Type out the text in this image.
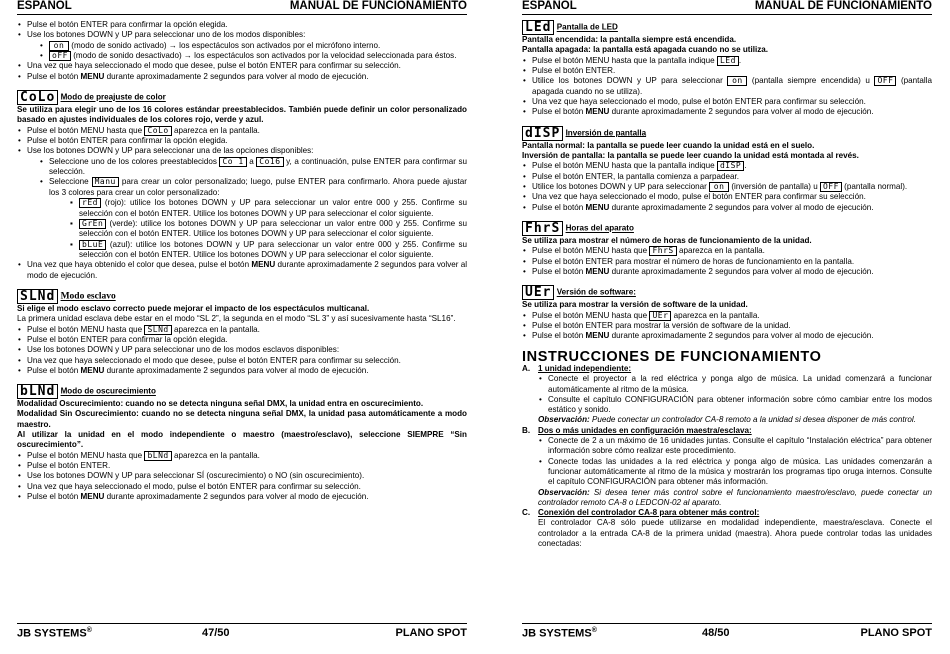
ESPAÑOL	MANUAL DE FUNCIONAMIENTO
• Pulse el botón ENTER para confirmar la opción elegida.
• Use los botones DOWN y UP para seleccionar uno de los modos disponibles:
• on (modo de sonido activado) → los espectáculos son activados por el micrófono interno.
• oFF (modo de sonido desactivado) → los espectáculos son activados por la velocidad seleccionada para éstos.
• Una vez que haya seleccionado el modo que desee, pulse el botón ENTER para confirmar su selección.
• Pulse el botón MENU durante aproximadamente 2 segundos para volver al modo de ejecución.

CoLo Modo de preajuste de color

Se utiliza para elegir uno de los 16 colores estándar preestablecidos. También puede definir un color personalizado basado en ajustes individuales de los colores rojo, verde y azul.

• Pulse el botón MENU hasta que CoLo aparezca en la pantalla.
• Pulse el botón ENTER para confirmar la opción elegida.
• Use los botones DOWN y UP para seleccionar una de las opciones disponibles:
• Seleccione uno de los colores preestablecidos Co 1 a Co16 y, a continuación, pulse ENTER para confirmar su selección.
• Seleccione Manu para crear un color personalizado; luego, pulse ENTER para confirmarlo. Ahora puede ajustar los 3 colores para crear un color personalizado:
▪ rEd (rojo): utilice los botones DOWN y UP para seleccionar un valor entre 000 y 255. Confirme su selección con el botón ENTER. Utilice los botones DOWN y UP para seleccionar el color siguiente.
▪ GrEn (verde): utilice los botones DOWN y UP para seleccionar un valor entre 000 y 255. Confirme su selección con el botón ENTER. Utilice los botones DOWN y UP para seleccionar el color siguiente.
▪ bLuE (azul): utilice los botones DOWN y UP para seleccionar un valor entre 000 y 255. Confirme su selección con el botón ENTER. Utilice los botones DOWN y UP para seleccionar el color siguiente.
• Una vez que haya obtenido el color que desea, pulse el botón MENU durante aproximadamente 2 segundos para volver al modo de ejecución.

SLNd Modo esclavo

Si elige el modo esclavo correcto puede mejorar el impacto de los espectáculos multicanal.

La primera unidad esclava debe estar en el modo “SL 2”, la segunda en el modo “SL 3” y así sucesivamente hasta “SL16”.

• Pulse el botón MENU hasta que SLNd aparezca en la pantalla.
• Pulse el botón ENTER para confirmar la opción elegida.
• Use los botones DOWN y UP para seleccionar uno de los modos esclavos disponibles:
• Una vez que haya seleccionado el modo que desee, pulse el botón ENTER para confirmar su selección.
• Pulse el botón MENU durante aproximadamente 2 segundos para volver al modo de ejecución.

bLNd Modo de oscurecimiento

Modalidad Oscurecimiento: cuando no se detecta ninguna señal DMX, la unidad entra en oscurecimiento.

Modalidad Sin Oscurecimiento: cuando no se detecta ninguna señal DMX, la unidad pasa automáticamente a modo maestro.

Al utilizar la unidad en el modo independiente o maestro (maestro/esclavo), seleccione SIEMPRE “Sin oscurecimiento”.

• Pulse el botón MENU hasta que bLNd aparezca en la pantalla.
• Pulse el botón ENTER.
• Use los botones DOWN y UP para seleccionar SÍ (oscurecimiento) o NO (sin oscurecimiento).
• Una vez que haya seleccionado el modo, pulse el botón ENTER para confirmar su selección.
• Pulse el botón MENU durante aproximadamente 2 segundos para volver al modo de ejecución.
JB SYSTEMS®	47/50	PLANO SPOT
ESPAÑOL	MANUAL DE FUNCIONAMIENTO

LEd Pantalla de LED

Pantalla encendida: la pantalla siempre está encendida.

Pantalla apagada: la pantalla está apagada cuando no se utiliza.

• Pulse el botón MENU hasta que la pantalla indique LEd .
• Pulse el botón ENTER.
• Utilice los botones DOWN y UP para seleccionar on (pantalla siempre encendida) u OFF (pantalla apagada cuando no se utiliza).
• Una vez que haya seleccionado el modo, pulse el botón ENTER para confirmar su selección.
• Pulse el botón MENU durante aproximadamente 2 segundos para volver al modo de ejecución.

dISP Inversión de pantalla

Pantalla normal: la pantalla se puede leer cuando la unidad está en el suelo.

Inversión de pantalla: la pantalla se puede leer cuando la unidad está montada al revés.

• Pulse el botón MENU hasta que la pantalla indique dISP .
• Pulse el botón ENTER, la pantalla comienza a parpadear.
• Utilice los botones DOWN y UP para seleccionar on (inversión de pantalla) u OFF (pantalla normal).
• Una vez que haya seleccionado el modo, pulse el botón ENTER para confirmar su selección.
• Pulse el botón MENU durante aproximadamente 2 segundos para volver al modo de ejecución.

FhrS Horas del aparato

Se utiliza para mostrar el número de horas de funcionamiento de la unidad.

• Pulse el botón MENU hasta que FhrS aparezca en la pantalla.
• Pulse el botón ENTER para mostrar el número de horas de funcionamiento en la pantalla.
• Pulse el botón MENU durante aproximadamente 2 segundos para volver al modo de ejecución.

UEr Versión de software:

Se utiliza para mostrar la versión de software de la unidad.

• Pulse el botón MENU hasta que UEr aparezca en la pantalla.
• Pulse el botón ENTER para mostrar la versión de software de la unidad.
• Pulse el botón MENU durante aproximadamente 2 segundos para volver al modo de ejecución.
INSTRUCCIONES DE FUNCIONAMIENTO
A. 1 unidad independiente:
• Conecte el proyector a la red eléctrica y ponga algo de música. La unidad comenzará a funcionar automáticamente al ritmo de la música.
• Consulte el capítulo CONFIGURACIÓN para obtener información sobre cómo cambiar entre los modos estático y sonido.

Observación: Puede conectar un controlador CA-8 remoto a la unidad si desea disponer de más control.

B. Dos o más unidades en configuración maestra/esclava:
• Conecte de 2 a un máximo de 16 unidades juntas. Consulte el capítulo “Instalación eléctrica” para obtener información sobre cómo realizar este procedimiento.
• Conecte todas las unidades a la red eléctrica y ponga algo de música. Las unidades comenzarán a funcionar automáticamente al ritmo de la música y mostrarán los programas tipo oruga internos. Consulte el capítulo CONFIGURACIÓN para obtener más información.

Observación: Si desea tener más control sobre el funcionamiento maestro/esclavo, puede conectar un controlador remoto CA-8 o LEDCON-02 al aparato.

C. Conexión del controlador CA-8 para obtener más control:

El controlador CA-8 sólo puede utilizarse en modalidad independiente, maestra/esclava. Conecte el controlador a la entrada CA-8 de la primera unidad (maestra). Ahora puede controlar todas las unidades conectadas:

JB SYSTEMS®	48/50	PLANO SPOT
